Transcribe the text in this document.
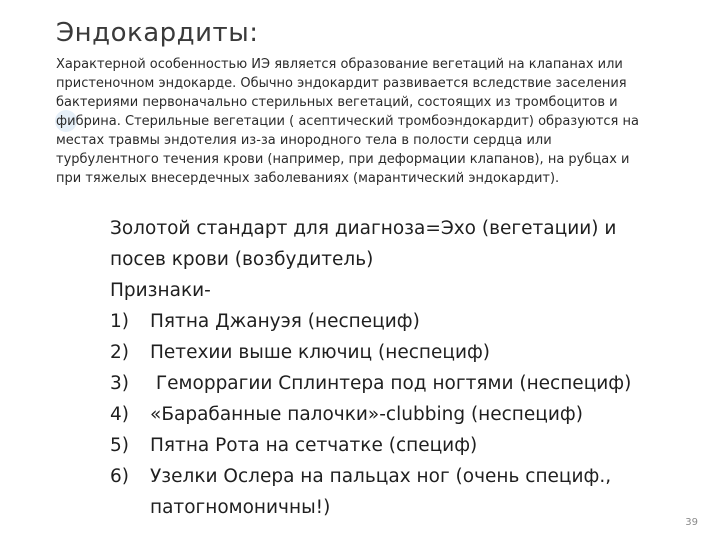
Эндокардиты:
Характерной особенностью ИЭ является образование вегетаций на клапанах или
пристеночном эндокарде. Обычно эндокардит развивается вследствие заселения
бактериями первоначально стерильных вегетаций, состоящих из тромбоцитов и
фибрина. Стерильные вегетации ( асептический тромбоэндокардит) образуются на
местах травмы эндотелия из-за инородного тела в полости сердца или
турбулентного течения крови (например, при деформации клапанов), на рубцах и
при тяжелых внесердечных заболеваниях (марантический эндокардит).
Золотой стандарт для диагноза=Эхо (вегетации) и
посев крови (возбудитель)
Признаки-
1) Пятна Джануэя (неспециф)
2) Петехии выше ключиц (неспециф)
3) Геморрагии Сплинтера под ногтями (неспециф)
4) «Барабанные палочки»-clubbing (неспециф)
5) Пятна Рота на сетчатке (специф)
6) Узелки Ослера на пальцах ног (очень специф.,
патогномоничны!)
39
